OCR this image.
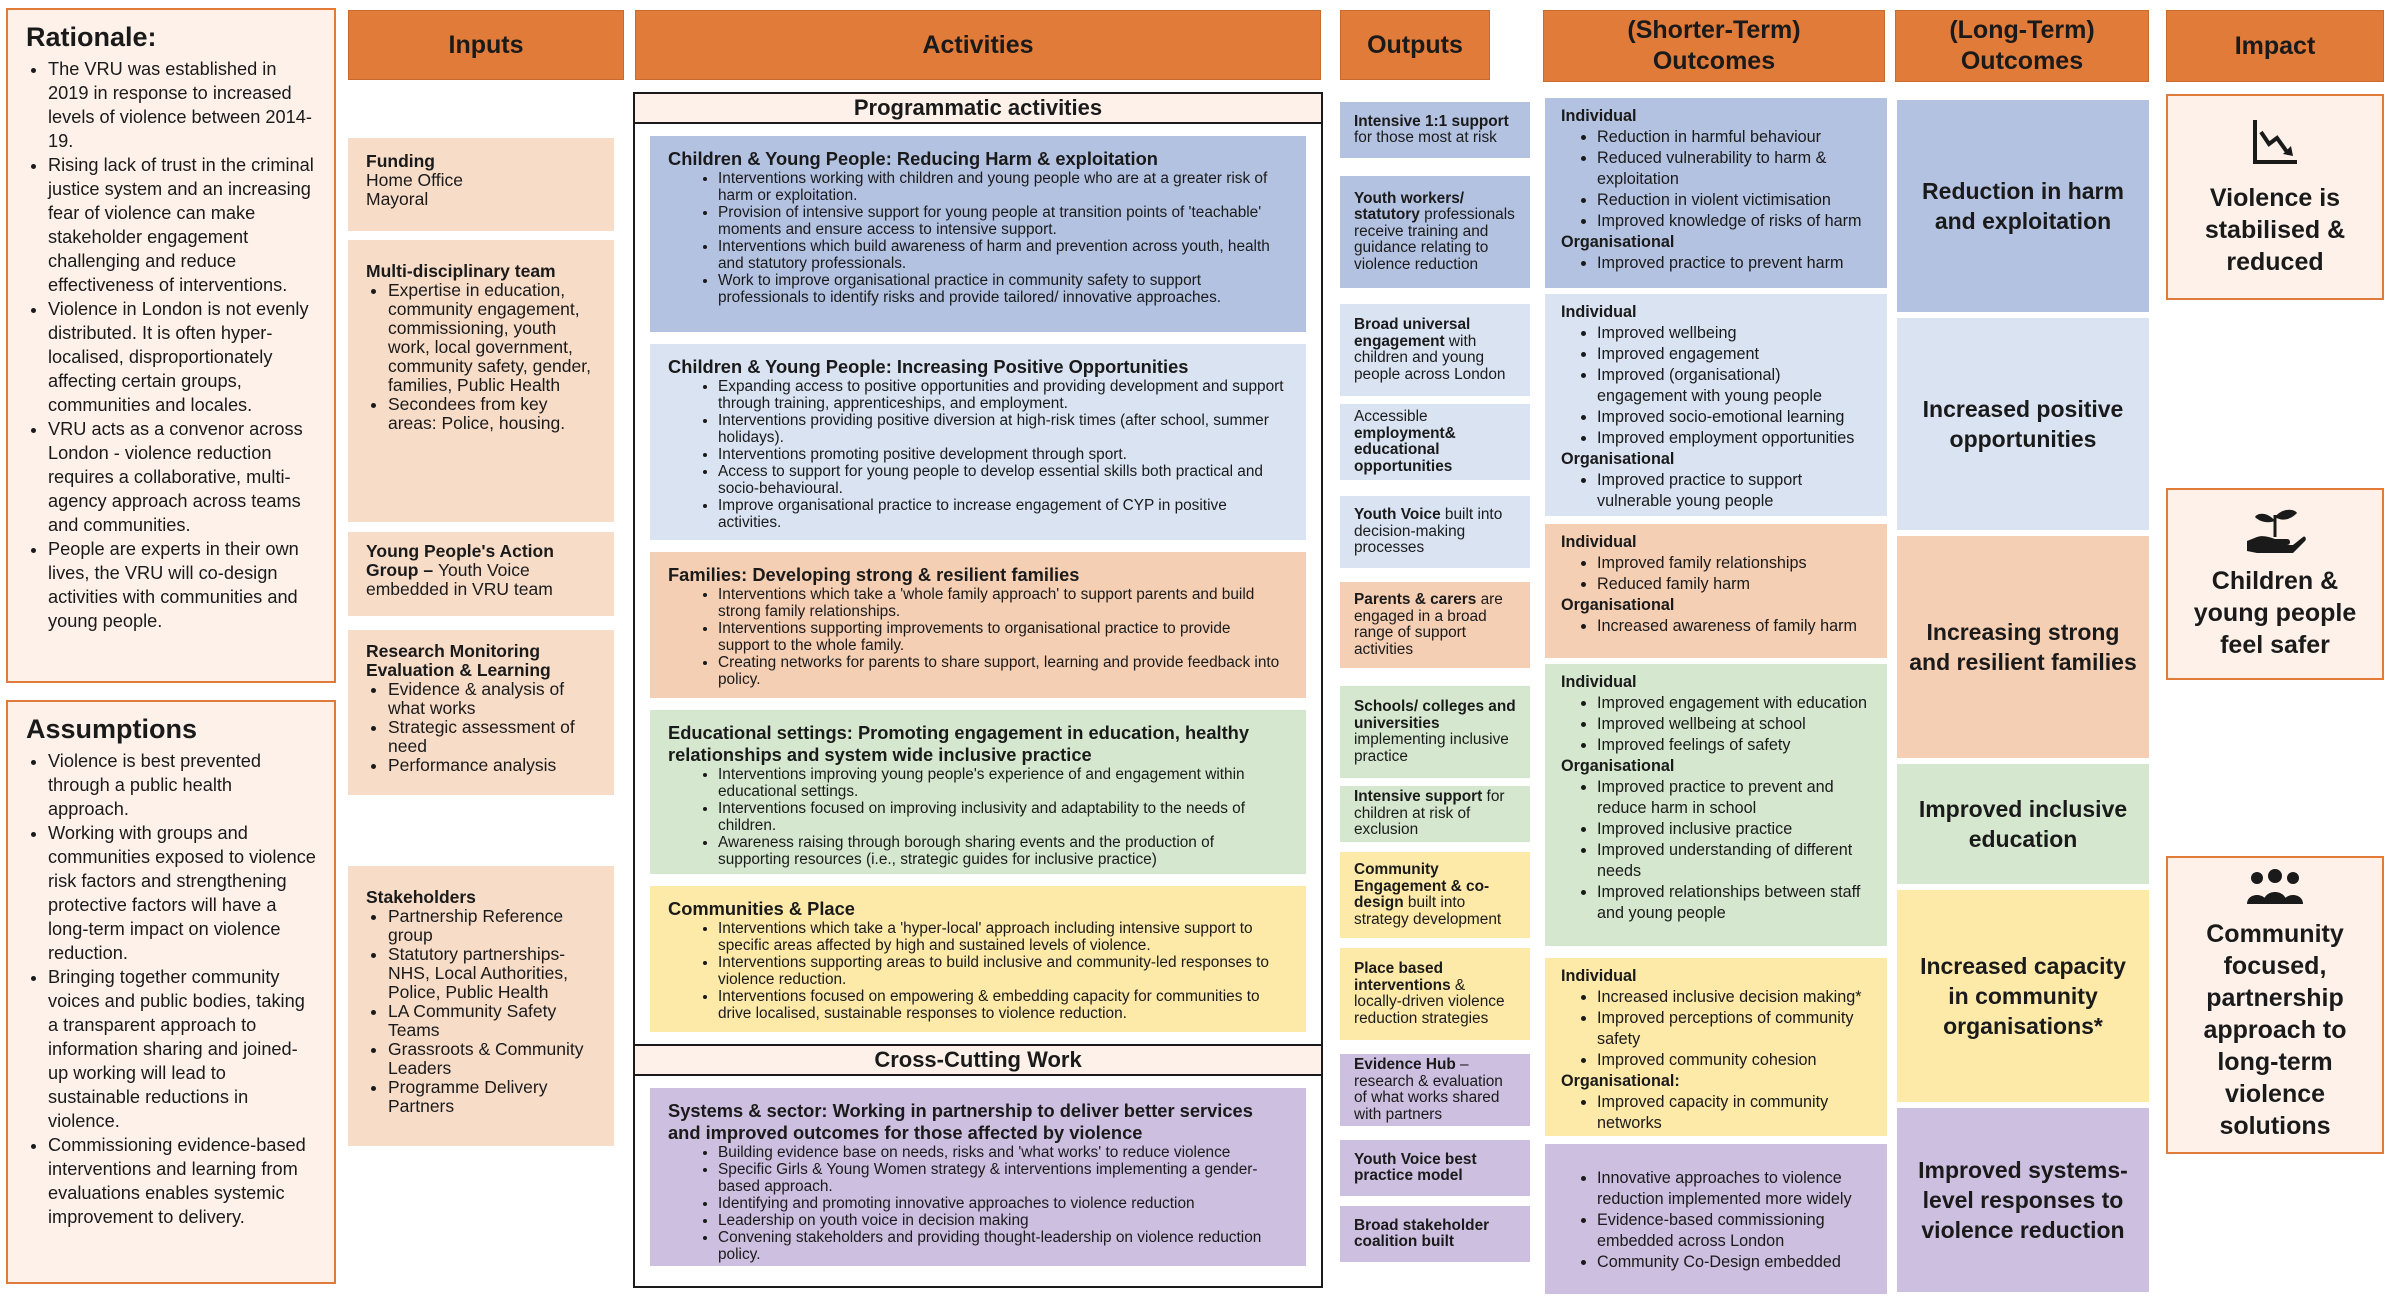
Rationale:
• The VRU was established in 2019 in response to increased levels of violence between 2014-19.
• Rising lack of trust in the criminal justice system and an increasing fear of violence can make stakeholder engagement challenging and reduce effectiveness of interventions.
• Violence in London is not evenly distributed. It is often hyper-localised, disproportionately affecting certain groups, communities and locales.
• VRU acts as a convenor across London - violence reduction requires a collaborative, multi-agency approach across teams and communities.
• People are experts in their own lives, the VRU will co-design activities with communities and young people.
Assumptions
• Violence is best prevented through a public health approach.
• Working with groups and communities exposed to violence risk factors and strengthening protective factors will have a long-term impact on violence reduction.
• Bringing together community voices and public bodies, taking a transparent approach to information sharing and joined-up working will lead to sustainable reductions in violence.
• Commissioning evidence-based interventions and learning from evaluations enables systemic improvement to delivery.
Inputs	Activities	Outputs
(Shorter-Term)
Outcomes
(Long-Term)
Outcomes
Impact
Funding
Home Office
Mayoral
Multi-disciplinary team
• Expertise in education, community engagement, commissioning, youth work, local government, community safety, gender, families, Public Health
• Secondees from key areas: Police, housing.
Young People's Action Group – Youth Voice embedded in VRU team
Research Monitoring Evaluation & Learning
• Evidence & analysis of what works
• Strategic assessment of need
• Performance analysis
Stakeholders
• Partnership Reference group
• Statutory partnerships- NHS, Local Authorities, Police, Public Health
• LA Community Safety Teams
• Grassroots & Community Leaders
• Programme Delivery Partners
Programmatic activities
Children & Young People: Reducing Harm & exploitation
• Interventions working with children and young people who are at a greater risk of harm or exploitation.
• Provision of intensive support for young people at transition points of 'teachable' moments and ensure access to intensive support.
• Interventions which build awareness of harm and prevention across youth, health and statutory professionals.
• Work to improve organisational practice in community safety to support professionals to identify risks and provide tailored/ innovative approaches.
Children & Young People: Increasing Positive Opportunities
• Expanding access to positive opportunities and providing development and support through training, apprenticeships, and employment.
• Interventions providing positive diversion at high-risk times (after school, summer holidays).
• Interventions promoting positive development through sport.
• Access to support for young people to develop essential skills both practical and socio-behavioural.
• Improve organisational practice to increase engagement of CYP in positive activities.
Families: Developing strong & resilient families
• Interventions which take a 'whole family approach' to support parents and build strong family relationships.
• Interventions supporting improvements to organisational practice to provide support to the whole family.
• Creating networks for parents to share support, learning and provide feedback into policy.
Educational settings: Promoting engagement in education, healthy relationships and system wide inclusive practice
• Interventions improving young people's experience of and engagement within educational settings.
• Interventions focused on improving inclusivity and adaptability to the needs of children.
• Awareness raising through borough sharing events and the production of supporting resources (i.e., strategic guides for inclusive practice)
Communities & Place
• Interventions which take a 'hyper-local' approach including intensive support to specific areas affected by high and sustained levels of violence.
• Interventions supporting areas to build inclusive and community-led responses to violence reduction.
• Interventions focused on empowering & embedding capacity for communities to drive localised, sustainable responses to violence reduction.
Cross-Cutting Work
Systems & sector: Working in partnership to deliver better services and improved outcomes for those affected by violence
• Building evidence base on needs, risks and 'what works' to reduce violence
• Specific Girls & Young Women strategy & interventions implementing a gender-based approach.
• Identifying and promoting innovative approaches to violence reduction
• Leadership on youth voice in decision making
• Convening stakeholders and providing thought-leadership on violence reduction policy.
Intensive 1:1 support for those most at risk
Youth workers/ statutory professionals receive training and guidance relating to violence reduction
Broad universal engagement with children and young people across London
Accessible employment& educational opportunities
Youth Voice built into decision-making processes
Parents & carers are engaged in a broad range of support activities
Schools/ colleges and universities implementing inclusive practice
Intensive support for children at risk of exclusion
Community Engagement & co-design built into strategy development
Place based interventions & locally-driven violence reduction strategies
Evidence Hub – research & evaluation of what works shared with partners
Youth Voice best practice model
Broad stakeholder coalition built
Individual
• Reduction in harmful behaviour
• Reduced vulnerability to harm & exploitation
• Reduction in violent victimisation
• Improved knowledge of risks of harm
Organisational
• Improved practice to prevent harm
Individual
• Improved wellbeing
• Improved engagement
• Improved (organisational) engagement with young people
• Improved socio-emotional learning
• Improved employment opportunities
Organisational
• Improved practice to support vulnerable young people
Individual
• Improved family relationships
• Reduced family harm
Organisational
• Increased awareness of family harm
Individual
• Improved engagement with education
• Improved wellbeing at school
• Improved feelings of safety
Organisational
• Improved practice to prevent and reduce harm in school
• Improved inclusive practice
• Improved understanding of different needs
• Improved relationships between staff and young people
Individual
• Increased inclusive decision making*
• Improved perceptions of community safety
• Improved community cohesion
Organisational:
• Improved capacity in community networks
• Innovative approaches to violence reduction implemented more widely
• Evidence-based commissioning embedded across London
• Community Co-Design embedded
Reduction in harm and exploitation
Increased positive opportunities
Increasing strong and resilient families
Improved inclusive education
Increased capacity in community organisations*
Improved systems-level responses to violence reduction
Violence is stabilised & reduced
Children & young people feel safer
Community focused, partnership approach to long-term violence solutions
